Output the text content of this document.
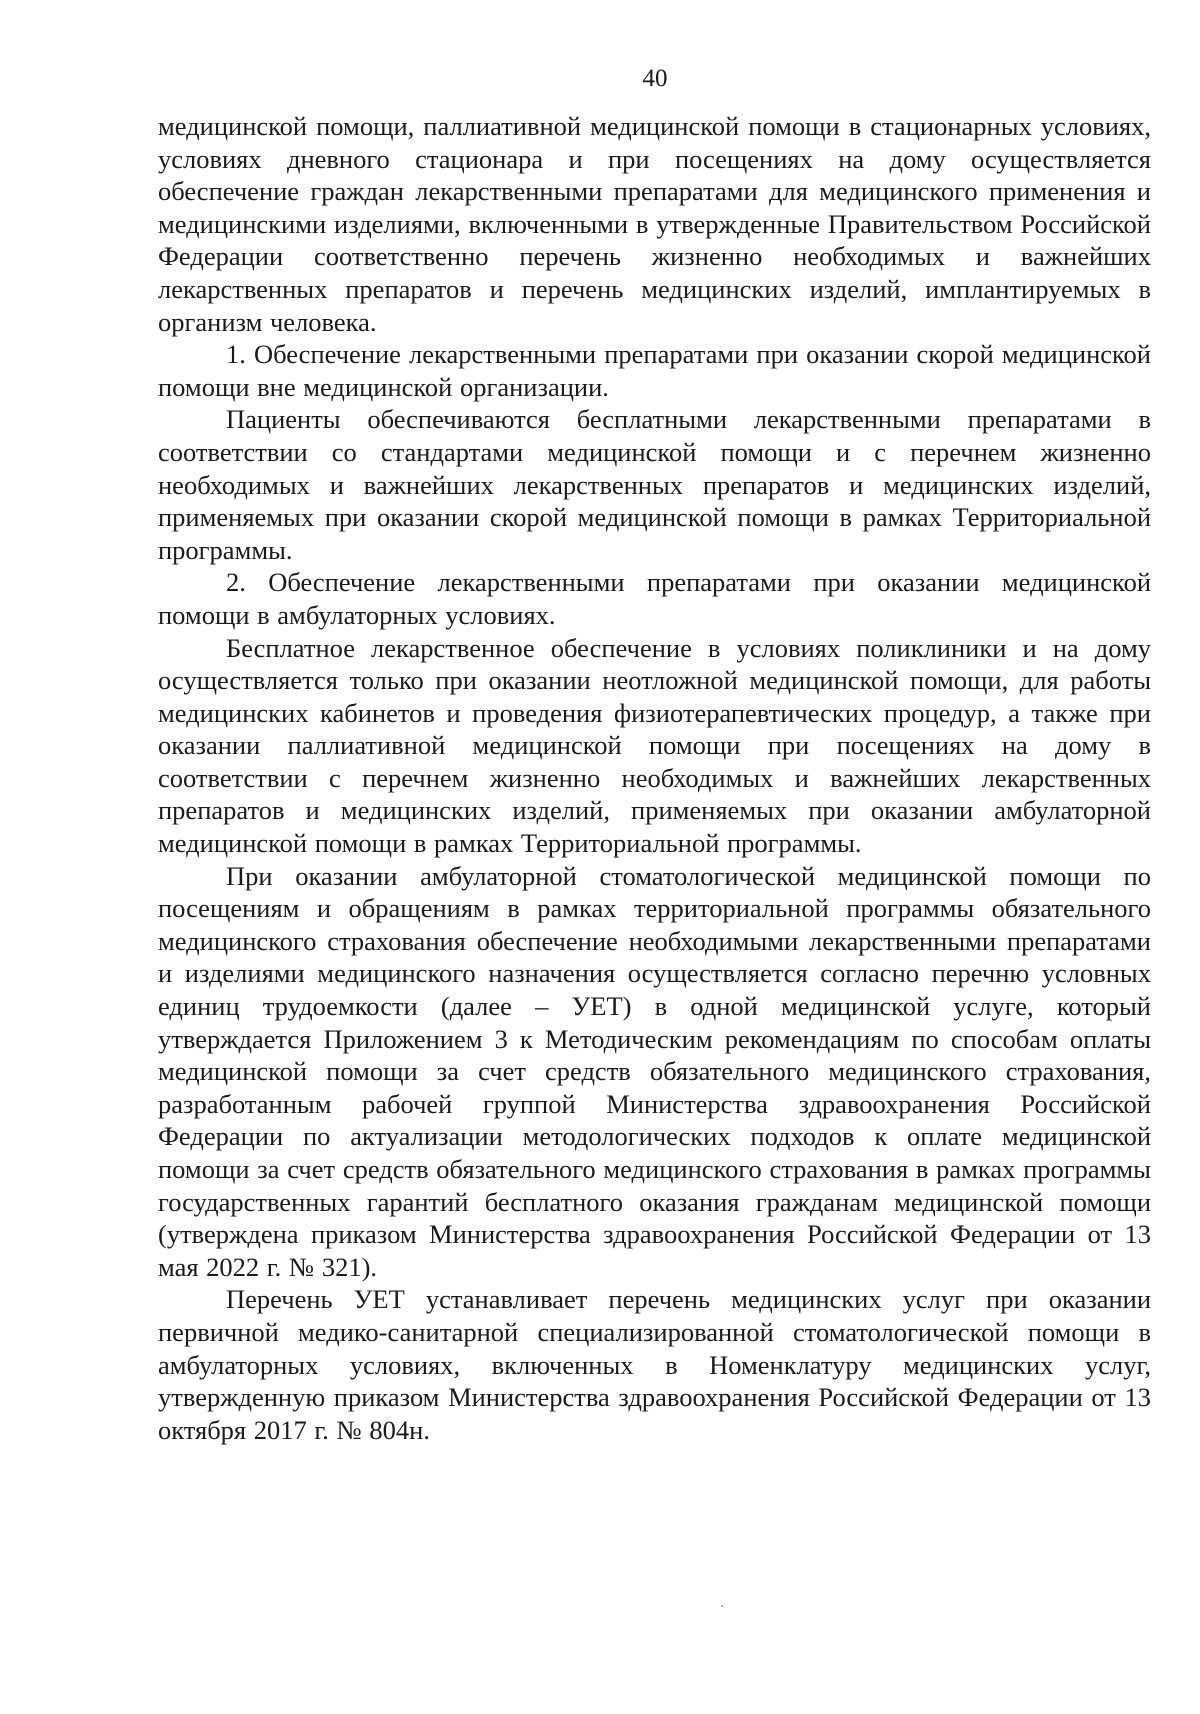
40

медицинской помощи, паллиативной медицинской помощи в стационарных условиях, условиях дневного стационара и при посещениях на дому осуществляется обеспечение граждан лекарственными препаратами для медицинского применения и медицинскими изделиями, включенными в утвержденные Правительством Российской Федерации соответственно перечень жизненно необходимых и важнейших лекарственных препаратов и перечень медицинских изделий, имплантируемых в организм человека.

1. Обеспечение лекарственными препаратами при оказании скорой медицинской помощи вне медицинской организации.

Пациенты обеспечиваются бесплатными лекарственными препаратами в соответствии со стандартами медицинской помощи и с перечнем жизненно необходимых и важнейших лекарственных препаратов и медицинских изделий, применяемых при оказании скорой медицинской помощи в рамках Территориальной программы.

2. Обеспечение лекарственными препаратами при оказании медицинской помощи в амбулаторных условиях.

Бесплатное лекарственное обеспечение в условиях поликлиники и на дому осуществляется только при оказании неотложной медицинской помощи, для работы медицинских кабинетов и проведения физиотерапевтических процедур, а также при оказании паллиативной медицинской помощи при посещениях на дому в соответствии с перечнем жизненно необходимых и важнейших лекарственных препаратов и медицинских изделий, применяемых при оказании амбулаторной медицинской помощи в рамках Территориальной программы.

При оказании амбулаторной стоматологической медицинской помощи по посещениям и обращениям в рамках территориальной программы обязательного медицинского страхования обеспечение необходимыми лекарственными препаратами и изделиями медицинского назначения осуществляется согласно перечню условных единиц трудоемкости (далее – УЕТ) в одной медицинской услуге, который утверждается Приложением 3 к Методическим рекомендациям по способам оплаты медицинской помощи за счет средств обязательного медицинского страхования, разработанным рабочей группой Министерства здравоохранения Российской Федерации по актуализации методологических подходов к оплате медицинской помощи за счет средств обязательного медицинского страхования в рамках программы государственных гарантий бесплатного оказания гражданам медицинской помощи (утверждена приказом Министерства здравоохранения Российской Федерации от 13 мая 2022 г. № 321).

Перечень УЕТ устанавливает перечень медицинских услуг при оказании первичной медико-санитарной специализированной стоматологической помощи в амбулаторных условиях, включенных в Номенклатуру медицинских услуг, утвержденную приказом Министерства здравоохранения Российской Федерации от 13 октября 2017 г. № 804н.
